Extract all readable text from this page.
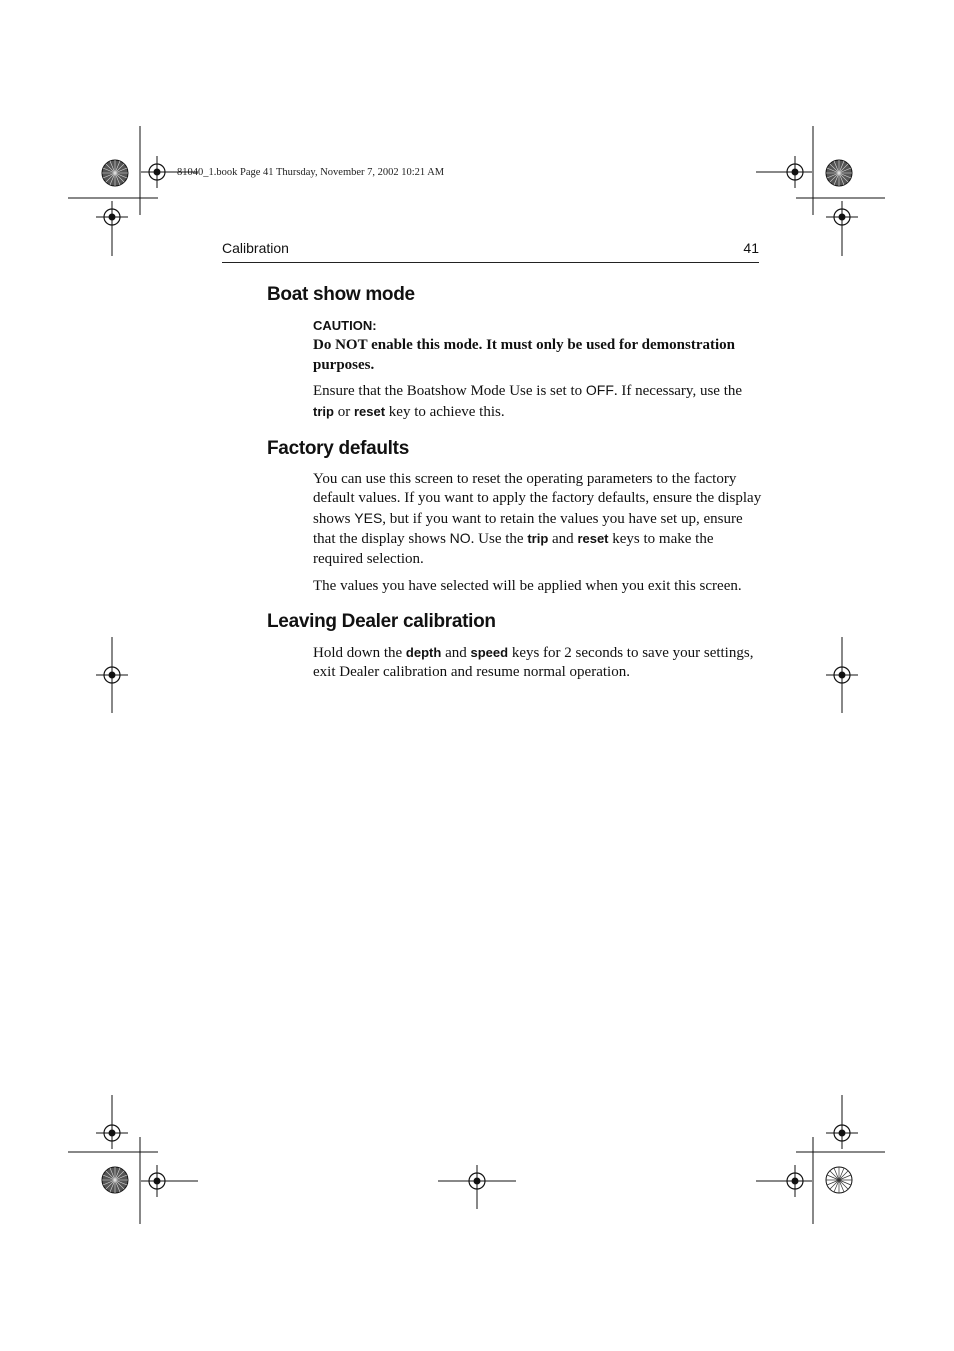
81040_1.book Page 41 Thursday, November 7, 2002 10:21 AM
Calibration	41
Boat show mode

CAUTION:

Do NOT enable this mode. It must only be used for demonstration purposes.

Ensure that the Boatshow Mode Use is set to OFF. If necessary, use the trip or reset key to achieve this.

Factory defaults

You can use this screen to reset the operating parameters to the factory default values. If you want to apply the factory defaults, ensure the display shows YES, but if you want to retain the values you have set up, ensure that the display shows NO. Use the trip and reset keys to make the required selection.

The values you have selected will be applied when you exit this screen.

Leaving Dealer calibration

Hold down the depth and speed keys for 2 seconds to save your settings, exit Dealer calibration and resume normal operation.
